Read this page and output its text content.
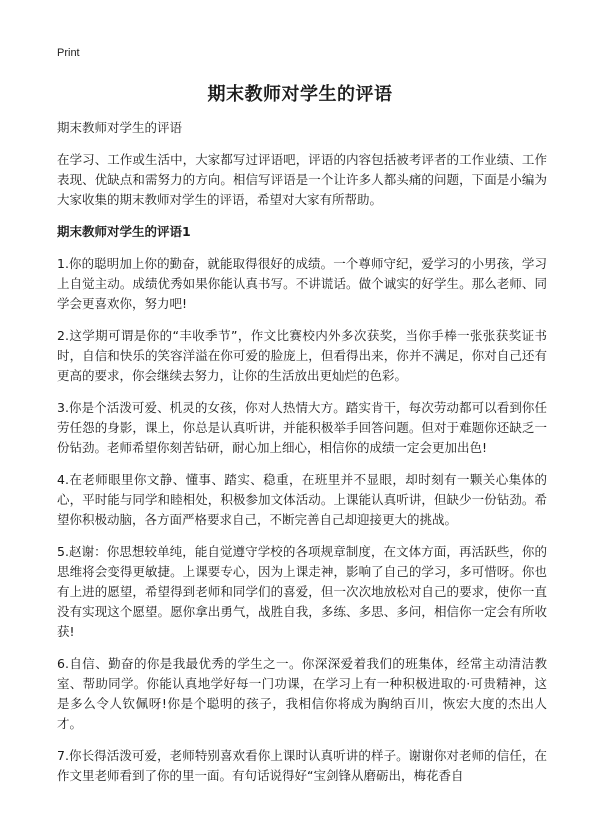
Print
期末教师对学生的评语

期末教师对学生的评语

在学习、工作或生活中，大家都写过评语吧，评语的内容包括被考评者的工作业绩、工作表现、优缺点和需努力的方向。相信写评语是一个让许多人都头痛的问题，下面是小编为大家收集的期末教师对学生的评语，希望对大家有所帮助。

期末教师对学生的评语1

1.你的聪明加上你的勤奋，就能取得很好的成绩。一个尊师守纪，爱学习的小男孩，学习上自觉主动。成绩优秀如果你能认真书写。不讲谎话。做个诚实的好学生。那么老师、同学会更喜欢你，努力吧!

2.这学期可谓是你的“丰收季节”，作文比赛校内外多次获奖，当你手棒一张张获奖证书时，自信和快乐的笑容洋溢在你可爱的脸庞上，但看得出来，你并不满足，你对自己还有更高的要求，你会继续去努力，让你的生活放出更灿烂的色彩。

3.你是个活泼可爱、机灵的女孩，你对人热情大方。踏实肯干，每次劳动都可以看到你任劳任怨的身影，课上，你总是认真听讲，并能积极举手回答问题。但对于难题你还缺乏一份钻劲。老师希望你刻苦钻研，耐心加上细心，相信你的成绩一定会更加出色!

4.在老师眼里你文静、懂事、踏实、稳重，在班里并不显眼，却时刻有一颗关心集体的心，平时能与同学和睦相处，积极参加文体活动。上课能认真听讲，但缺少一份钻劲。希望你积极动脑，各方面严格要求自己，不断完善自己却迎接更大的挑战。

5.赵谢：你思想较单纯，能自觉遵守学校的各项规章制度，在文体方面，再活跃些，你的思维将会变得更敏捷。上课要专心，因为上课走神，影响了自己的学习，多可惜呀。你也有上进的愿望，希望得到老师和同学们的喜爱，但一次次地放松对自己的要求，使你一直没有实现这个愿望。愿你拿出勇气，战胜自我，多练、多思、多问，相信你一定会有所收获!

6.自信、勤奋的你是我最优秀的学生之一。你深深爱着我们的班集体，经常主动清洁教室、帮助同学。你能认真地学好每一门功课，在学习上有一种积极进取的·可贵精神，这是多么令人钦佩呀!你是个聪明的孩子，我相信你将成为胸纳百川，恢宏大度的杰出人才。

7.你长得活泼可爱，老师特别喜欢看你上课时认真听讲的样子。谢谢你对老师的信任，在作文里老师看到了你的里一面。有句话说得好“宝剑锋从磨砺出，梅花香自
